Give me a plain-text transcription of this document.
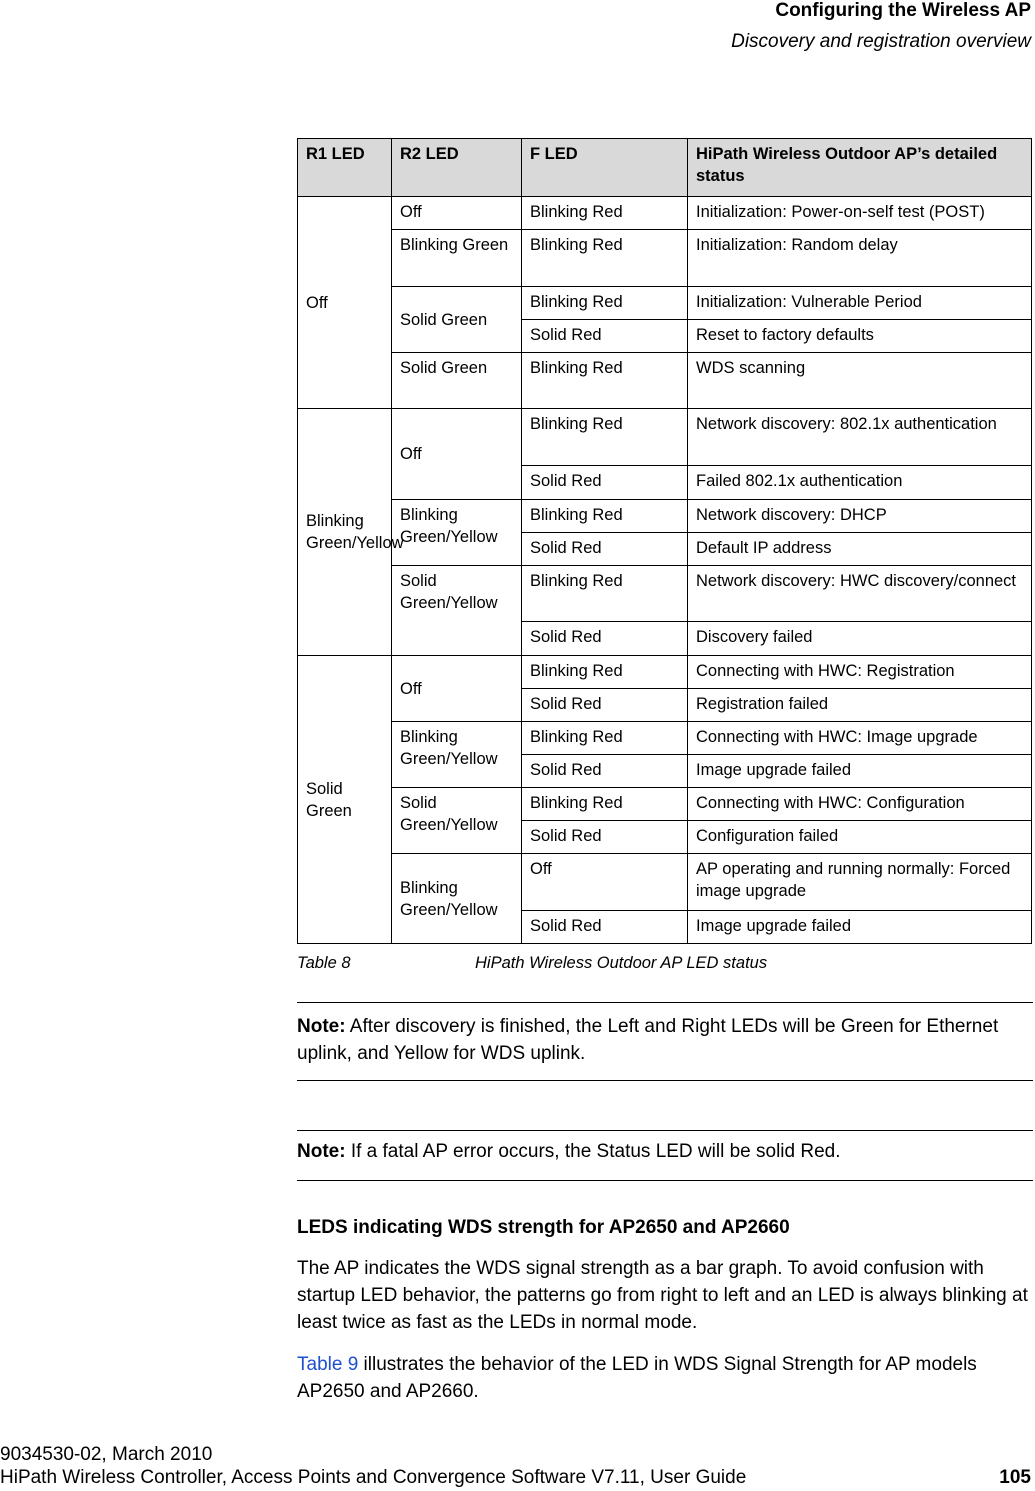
Configuring the Wireless AP
Discovery and registration overview
R1 LED	R2 LED	F LED	HiPath Wireless Outdoor AP’s detailed status
Off	Off	Blinking Red	Initialization: Power-on-self test (POST)
	Blinking Green	Blinking Red	Initialization: Random delay
	Solid Green	Blinking Red	Initialization: Vulnerable Period
		Solid Red	Reset to factory defaults
	Solid Green	Blinking Red	WDS scanning
Blinking Green/Yellow	Off	Blinking Red	Network discovery: 802.1x authentication
		Solid Red	Failed 802.1x authentication
	Blinking Green/Yellow	Blinking Red	Network discovery: DHCP
		Solid Red	Default IP address
	Solid Green/Yellow	Blinking Red	Network discovery: HWC discovery/connect
		Solid Red	Discovery failed
Solid Green	Off	Blinking Red	Connecting with HWC: Registration
		Solid Red	Registration failed
	Blinking Green/Yellow	Blinking Red	Connecting with HWC: Image upgrade
		Solid Red	Image upgrade failed
	Solid Green/Yellow	Blinking Red	Connecting with HWC: Configuration
		Solid Red	Configuration failed
	Blinking Green/Yellow	Off	AP operating and running normally: Forced image upgrade
		Solid Red	Image upgrade failed
Table 8	HiPath Wireless Outdoor AP LED status
Note: After discovery is finished, the Left and Right LEDs will be Green for Ethernet uplink, and Yellow for WDS uplink.
Note: If a fatal AP error occurs, the Status LED will be solid Red.
LEDS indicating WDS strength for AP2650 and AP2660
The AP indicates the WDS signal strength as a bar graph. To avoid confusion with startup LED behavior, the patterns go from right to left and an LED is always blinking at least twice as fast as the LEDs in normal mode.
Table 9 illustrates the behavior of the LED in WDS Signal Strength for AP models AP2650 and AP2660.
9034530-02, March 2010
HiPath Wireless Controller, Access Points and Convergence Software V7.11, User Guide	105
